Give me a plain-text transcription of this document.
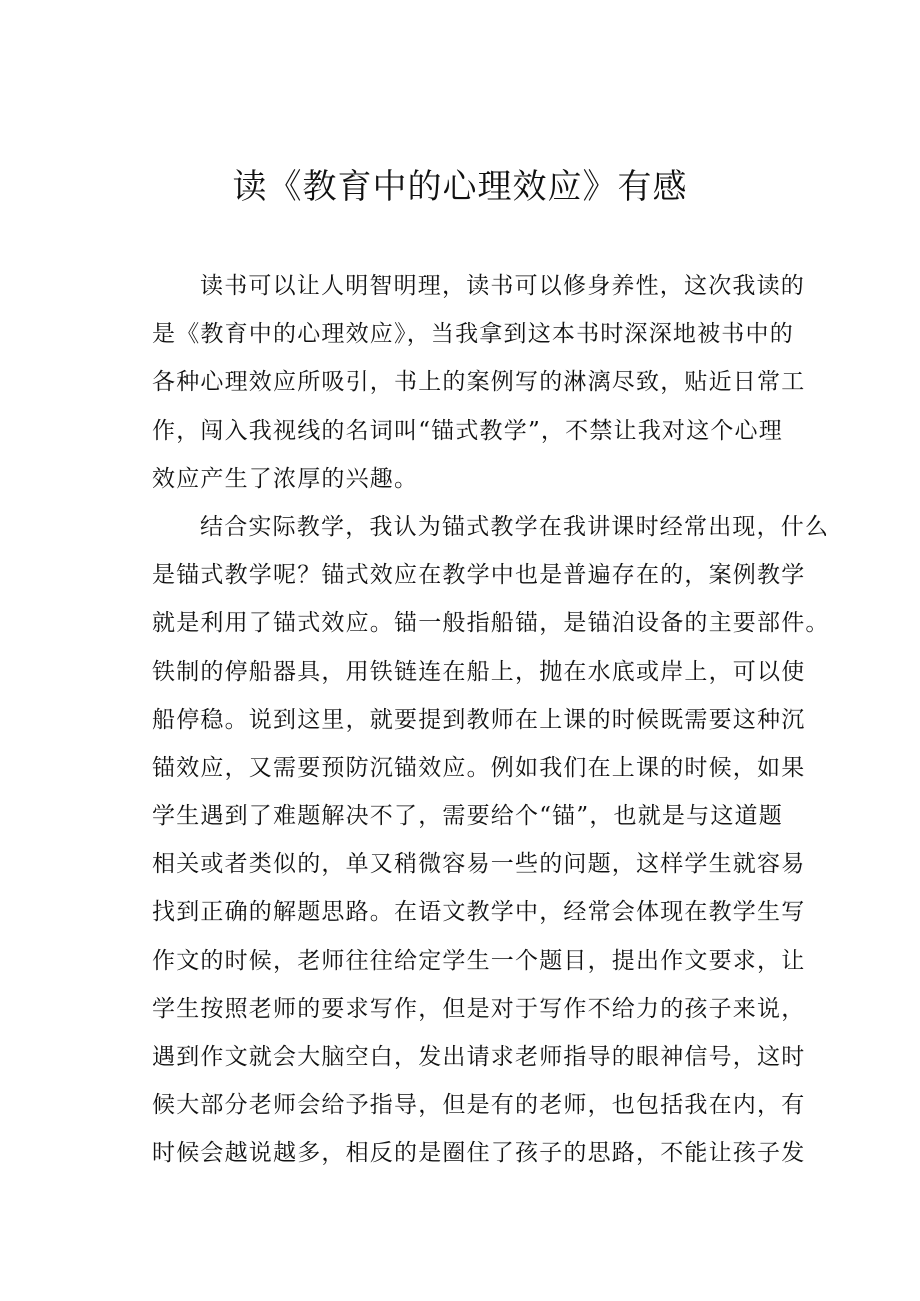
读《教育中的心理效应》有感
读书可以让人明智明理，读书可以修身养性，这次我读的
是《教育中的心理效应》，当我拿到这本书时深深地被书中的
各种心理效应所吸引，书上的案例写的淋漓尽致，贴近日常工
作，闯入我视线的名词叫“锚式教学”，不禁让我对这个心理
效应产生了浓厚的兴趣。
结合实际教学，我认为锚式教学在我讲课时经常出现，什么
是锚式教学呢？锚式效应在教学中也是普遍存在的，案例教学
就是利用了锚式效应。锚一般指船锚，是锚泊设备的主要部件。
铁制的停船器具，用铁链连在船上，抛在水底或岸上，可以使
船停稳。说到这里，就要提到教师在上课的时候既需要这种沉
锚效应，又需要预防沉锚效应。例如我们在上课的时候，如果
学生遇到了难题解决不了，需要给个“锚”，也就是与这道题
相关或者类似的，单又稍微容易一些的问题，这样学生就容易
找到正确的解题思路。在语文教学中，经常会体现在教学生写
作文的时候，老师往往给定学生一个题目，提出作文要求，让
学生按照老师的要求写作，但是对于写作不给力的孩子来说，
遇到作文就会大脑空白，发出请求老师指导的眼神信号，这时
候大部分老师会给予指导，但是有的老师，也包括我在内，有
时候会越说越多，相反的是圈住了孩子的思路，不能让孩子发
